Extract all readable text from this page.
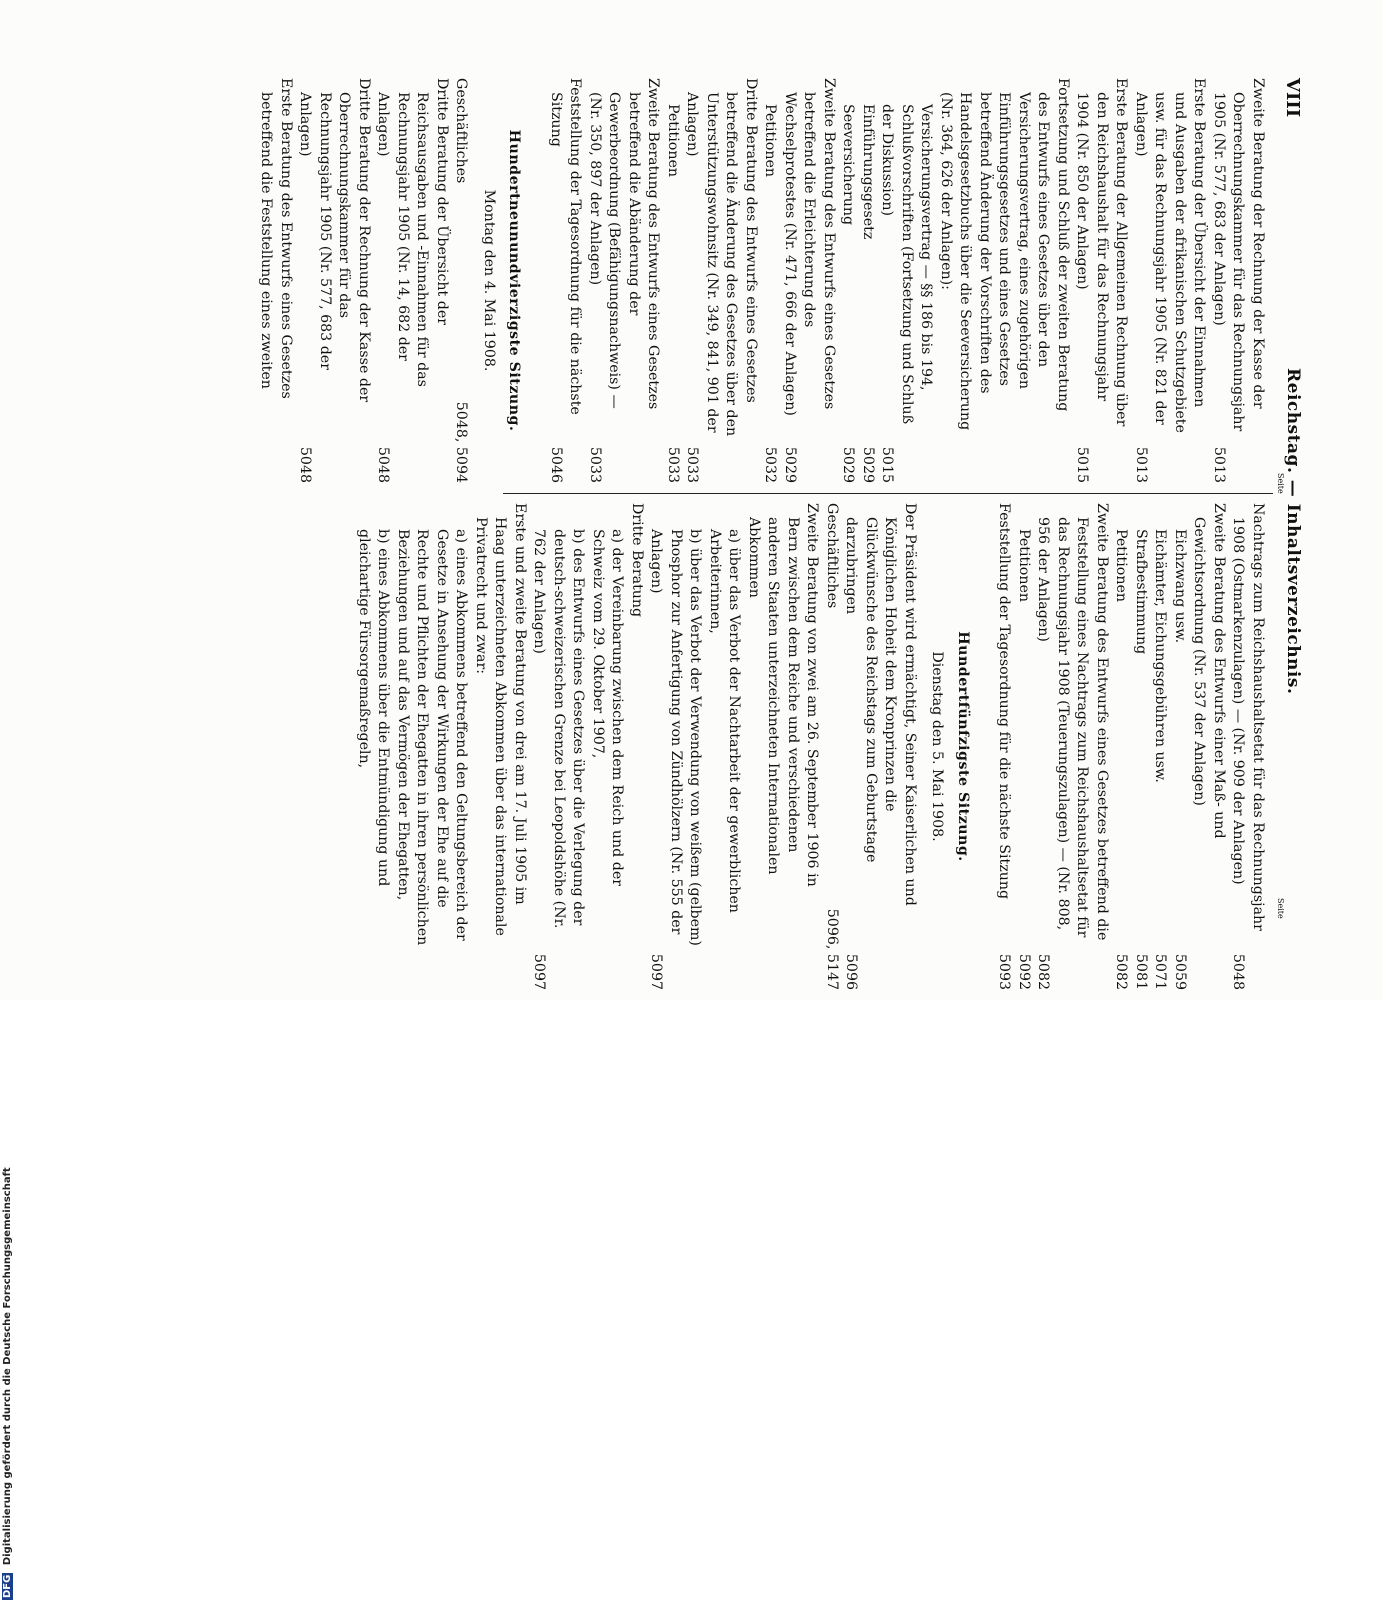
VIII
Reichstag. — Inhaltsverzeichnis.
Seite
Seite
Zweite Beratung der Rechnung der Kasse der Oberrechnungskammer für das Rechnungsjahr 1905 (Nr. 577, 683 der Anlagen)
5013
Erste Beratung der Übersicht der Einnahmen und Ausgaben der afrikanischen Schutzgebiete usw. für das Rechnungsjahr 1905 (Nr. 821 der Anlagen)
5013
Erste Beratung der Allgemeinen Rechnung über den Reichshaushalt für das Rechnungsjahr 1904 (Nr. 850 der Anlagen)
5015
Fortsetzung und Schluß der zweiten Beratung des Entwurfs eines Gesetzes über den Versicherungsvertrag, eines zugehörigen Einführungsgesetzes und eines Gesetzes betreffend Änderung der Vorschriften des Handelsgesetzbuchs über die Seeversicherung (Nr. 364, 626 der Anlagen):
Versicherungsvertrag — §§ 186 bis 194, Schlußvorschriften (Fortsetzung und Schluß der Diskussion)
5015
Einführungsgesetz
5029
Seeversicherung
5029
Zweite Beratung des Entwurfs eines Gesetzes betreffend die Erleichterung des Wechselprotestes (Nr. 471, 666 der Anlagen)
5029
Petitionen
5032
Dritte Beratung des Entwurfs eines Gesetzes betreffend die Änderung des Gesetzes über den Unterstützungswohnsitz (Nr. 349, 841, 901 der Anlagen)
5033
Petitionen
5033
Zweite Beratung des Entwurfs eines Gesetzes betreffend die Abänderung der Gewerbeordnung (Befähigungsnachweis) — (Nr. 350, 897 der Anlagen)
5033
Feststellung der Tagesordnung für die nächste Sitzung
5046
Hundertneunundvierzigste Sitzung.
Montag den 4. Mai 1908.
Geschäftliches
5048, 5094
Dritte Beratung der Übersicht der Reichsausgaben und -Einnahmen für das Rechnungsjahr 1905 (Nr. 14, 682 der Anlagen)
5048
Dritte Beratung der Rechnung der Kasse der Oberrechnungskammer für das Rechnungsjahr 1905 (Nr. 577, 683 der Anlagen)
5048
Erste Beratung des Entwurfs eines Gesetzes betreffend die Feststellung eines zweiten
Nachtrags zum Reichshaushaltsetat für das Rechnungsjahr 1908 (Ostmarkenzulagen) — (Nr. 909 der Anlagen)
5048
Zweite Beratung des Entwurfs einer Maß- und Gewichtsordnung (Nr. 537 der Anlagen)
Eichzwang usw.
5059
Eichämter, Eichungsgebühren usw.
5071
Strafbestimmung
5081
Petitionen
5082
Zweite Beratung des Entwurfs eines Gesetzes betreffend die Feststellung eines Nachtrags zum Reichshaushaltsetat für das Rechnungsjahr 1908 (Teuerungszulagen) — (Nr. 808, 956 der Anlagen)
5082
Petitionen
5092
Feststellung der Tagesordnung für die nächste Sitzung
5093
Hundertfünfzigste Sitzung.
Dienstag den 5. Mai 1908.
Der Präsident wird ermächtigt, Seiner Kaiserlichen und Königlichen Hoheit dem Kronprinzen die Glückwünsche des Reichstags zum Geburtstage darzubringen
5096
Geschäftliches
5096, 5147
Zweite Beratung von zwei am 26. September 1906 in Bern zwischen dem Reiche und verschiedenen anderen Staaten unterzeichneten Internationalen Abkommen
a) über das Verbot der Nachtarbeit der gewerblichen Arbeiterinnen,
b) über das Verbot der Verwendung von weißem (gelbem) Phosphor zur Anfertigung von Zündhölzern (Nr. 555 der Anlagen)
5097
Dritte Beratung
a) der Vereinbarung zwischen dem Reich und der Schweiz vom 29. Oktober 1907,
b) des Entwurfs eines Gesetzes über die Verlegung der deutsch-schweizerischen Grenze bei Leopoldshöhe (Nr. 762 der Anlagen)
5097
Erste und zweite Beratung von drei am 17. Juli 1905 im Haag unterzeichneten Abkommen über das internationale Privatrecht und zwar:
a) eines Abkommens betreffend den Geltungsbereich der Gesetze in Ansehung der Wirkungen der Ehe auf die Rechte und Pflichten der Ehegatten in ihren persönlichen Beziehungen und auf das Vermögen der Ehegatten,
b) eines Abkommens über die Entmündigung und gleichartige Fürsorgemaßregeln,
DFG Digitalisierung gefördert durch die Deutsche Forschungsgemeinschaft
